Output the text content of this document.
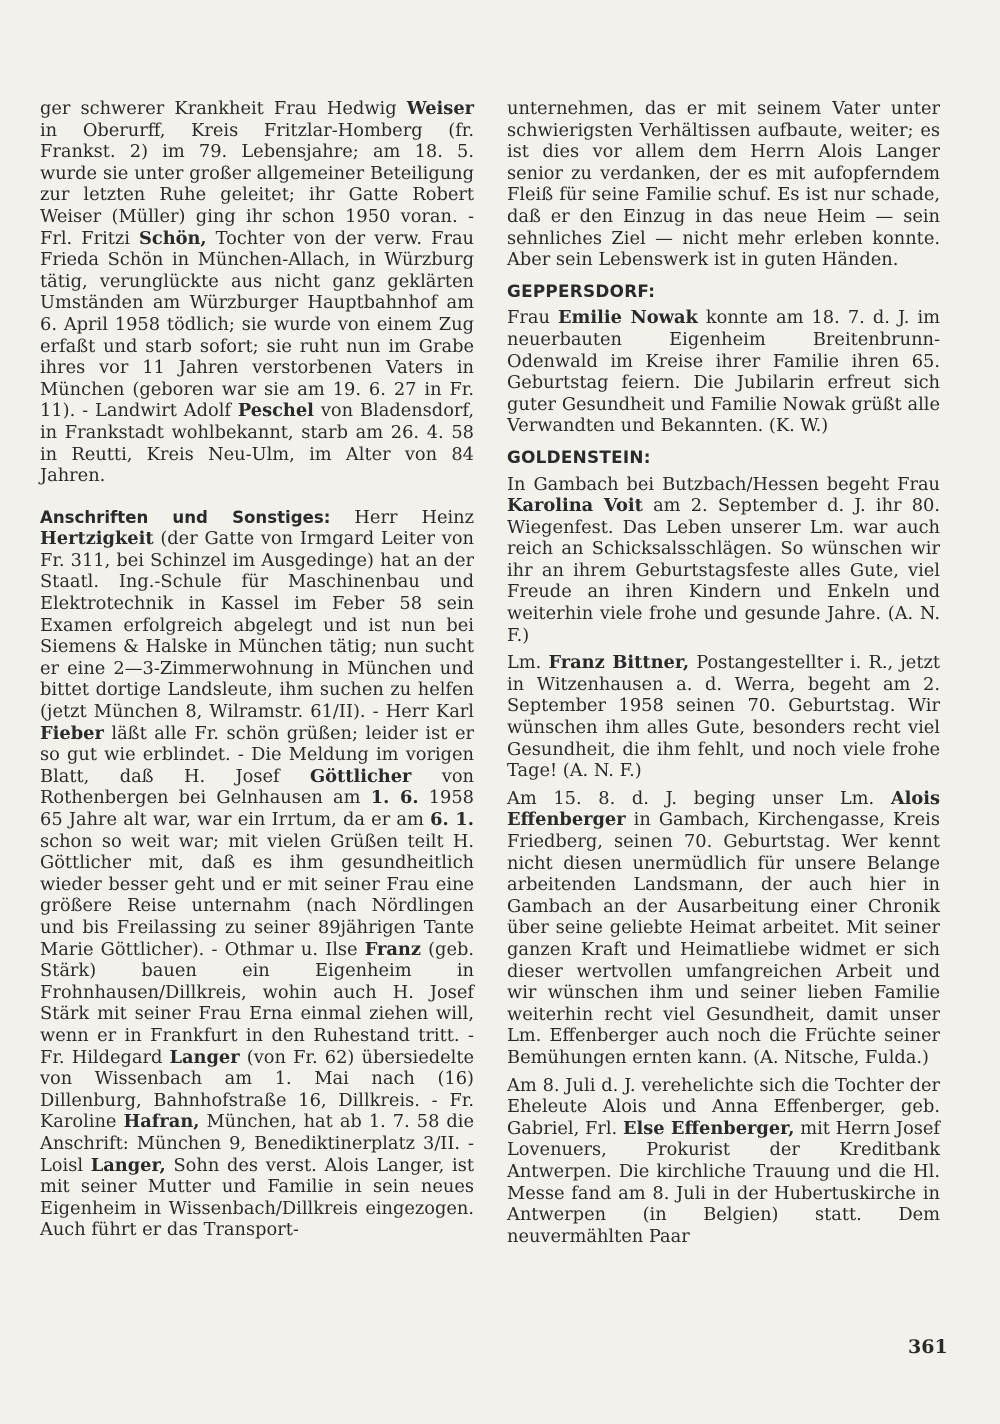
ger schwerer Krankheit Frau Hedwig Weiser in Oberurff, Kreis Fritzlar-Homberg (fr. Frankst. 2) im 79. Lebensjahre; am 18. 5. wurde sie unter großer allgemeiner Beteiligung zur letzten Ruhe geleitet; ihr Gatte Robert Weiser (Müller) ging ihr schon 1950 voran. - Frl. Fritzi Schön, Tochter von der verw. Frau Frieda Schön in München-Allach, in Würzburg tätig, verunglückte aus nicht ganz geklärten Umständen am Würzburger Hauptbahnhof am 6. April 1958 tödlich; sie wurde von einem Zug erfaßt und starb sofort; sie ruht nun im Grabe ihres vor 11 Jahren verstorbenen Vaters in München (geboren war sie am 19. 6. 27 in Fr. 11). - Landwirt Adolf Peschel von Bladensdorf, in Frankstadt wohlbekannt, starb am 26. 4. 58 in Reutti, Kreis Neu-Ulm, im Alter von 84 Jahren.

Anschriften und Sonstiges: Herr Heinz Hertzigkeit (der Gatte von Irmgard Leiter von Fr. 311, bei Schinzel im Ausgedinge) hat an der Staatl. Ing.-Schule für Maschinenbau und Elektrotechnik in Kassel im Feber 58 sein Examen erfolgreich abgelegt und ist nun bei Siemens & Halske in München tätig; nun sucht er eine 2—3-Zimmerwohnung in München und bittet dortige Landsleute, ihm suchen zu helfen (jetzt München 8, Wilramstr. 61/II). - Herr Karl Fieber läßt alle Fr. schön grüßen; leider ist er so gut wie erblindet. - Die Meldung im vorigen Blatt, daß H. Josef Göttlicher von Rothenbergen bei Gelnhausen am 1. 6. 1958 65 Jahre alt war, war ein Irrtum, da er am 6. 1. schon so weit war; mit vielen Grüßen teilt H. Göttlicher mit, daß es ihm gesundheitlich wieder besser geht und er mit seiner Frau eine größere Reise unternahm (nach Nördlingen und bis Freilassing zu seiner 89jährigen Tante Marie Göttlicher). - Othmar u. Ilse Franz (geb. Stärk) bauen ein Eigenheim in Frohnhausen/Dillkreis, wohin auch H. Josef Stärk mit seiner Frau Erna einmal ziehen will, wenn er in Frankfurt in den Ruhestand tritt. - Fr. Hildegard Langer (von Fr. 62) übersiedelte von Wissenbach am 1. Mai nach (16) Dillenburg, Bahnhofstraße 16, Dillkreis. - Fr. Karoline Hafran, München, hat ab 1. 7. 58 die Anschrift: München 9, Benediktinerplatz 3/II. - Loisl Langer, Sohn des verst. Alois Langer, ist mit seiner Mutter und Familie in sein neues Eigenheim in Wissenbach/Dillkreis eingezogen. Auch führt er das Transport-

unternehmen, das er mit seinem Vater unter schwierigsten Verhältissen aufbaute, weiter; es ist dies vor allem dem Herrn Alois Langer senior zu verdanken, der es mit aufopferndem Fleiß für seine Familie schuf. Es ist nur schade, daß er den Einzug in das neue Heim — sein sehnliches Ziel — nicht mehr erleben konnte. Aber sein Lebenswerk ist in guten Händen.

GEPPERSDORF:

Frau Emilie Nowak konnte am 18. 7. d. J. im neuerbauten Eigenheim Breitenbrunn-Odenwald im Kreise ihrer Familie ihren 65. Geburtstag feiern. Die Jubilarin erfreut sich guter Gesundheit und Familie Nowak grüßt alle Verwandten und Bekannten. (K. W.)

GOLDENSTEIN:

In Gambach bei Butzbach/Hessen begeht Frau Karolina Voit am 2. September d. J. ihr 80. Wiegenfest. Das Leben unserer Lm. war auch reich an Schicksalsschlägen. So wünschen wir ihr an ihrem Geburtstagsfeste alles Gute, viel Freude an ihren Kindern und Enkeln und weiterhin viele frohe und gesunde Jahre. (A. N. F.)

Lm. Franz Bittner, Postangestellter i. R., jetzt in Witzenhausen a. d. Werra, begeht am 2. September 1958 seinen 70. Geburtstag. Wir wünschen ihm alles Gute, besonders recht viel Gesundheit, die ihm fehlt, und noch viele frohe Tage! (A. N. F.)

Am 15. 8. d. J. beging unser Lm. Alois Effenberger in Gambach, Kirchengasse, Kreis Friedberg, seinen 70. Geburtstag. Wer kennt nicht diesen unermüdlich für unsere Belange arbeitenden Landsmann, der auch hier in Gambach an der Ausarbeitung einer Chronik über seine geliebte Heimat arbeitet. Mit seiner ganzen Kraft und Heimatliebe widmet er sich dieser wertvollen umfangreichen Arbeit und wir wünschen ihm und seiner lieben Familie weiterhin recht viel Gesundheit, damit unser Lm. Effenberger auch noch die Früchte seiner Bemühungen ernten kann. (A. Nitsche, Fulda.)

Am 8. Juli d. J. verehelichte sich die Tochter der Eheleute Alois und Anna Effenberger, geb. Gabriel, Frl. Else Effenberger, mit Herrn Josef Lovenuers, Prokurist der Kreditbank Antwerpen. Die kirchliche Trauung und die Hl. Messe fand am 8. Juli in der Hubertuskirche in Antwerpen (in Belgien) statt. Dem neuvermählten Paar

361
